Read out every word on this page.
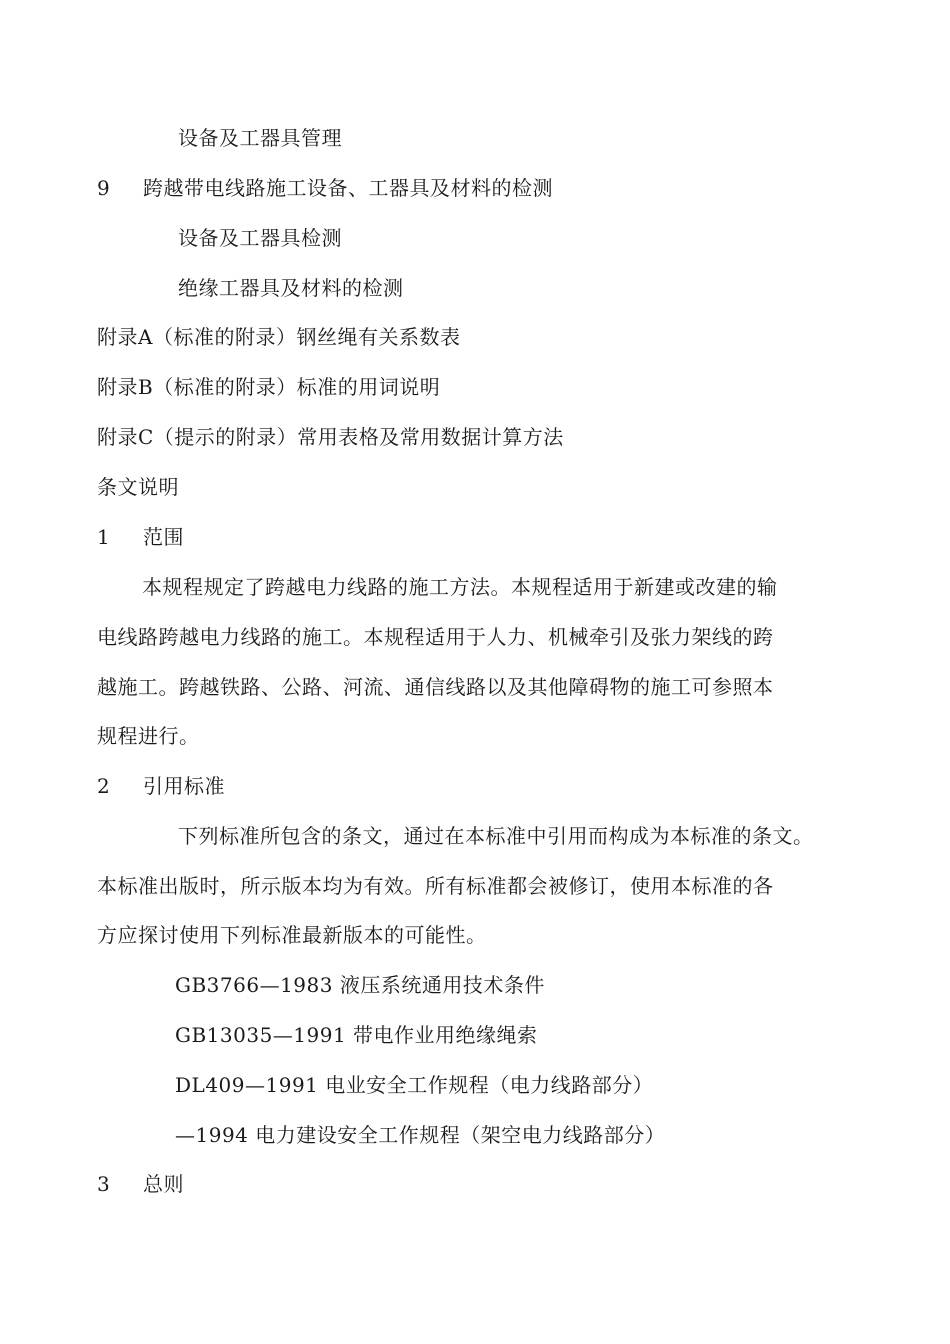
设备及工器具管理
9 跨越带电线路施工设备、工器具及材料的检测
设备及工器具检测
绝缘工器具及材料的检测
附录A（标准的附录）钢丝绳有关系数表
附录B（标准的附录）标准的用词说明
附录C（提示的附录）常用表格及常用数据计算方法
条文说明
1 范围
本规程规定了跨越电力线路的施工方法。本规程适用于新建或改建的输
电线路跨越电力线路的施工。本规程适用于人力、机械牵引及张力架线的跨
越施工。跨越铁路、公路、河流、通信线路以及其他障碍物的施工可参照本
规程进行。
2 引用标准
下列标准所包含的条文，通过在本标准中引用而构成为本标准的条文。
本标准出版时，所示版本均为有效。所有标准都会被修订，使用本标准的各
方应探讨使用下列标准最新版本的可能性。
GB3766—1983 液压系统通用技术条件
GB13035—1991 带电作业用绝缘绳索
DL409—1991 电业安全工作规程（电力线路部分）
—1994 电力建设安全工作规程（架空电力线路部分）
3 总则
